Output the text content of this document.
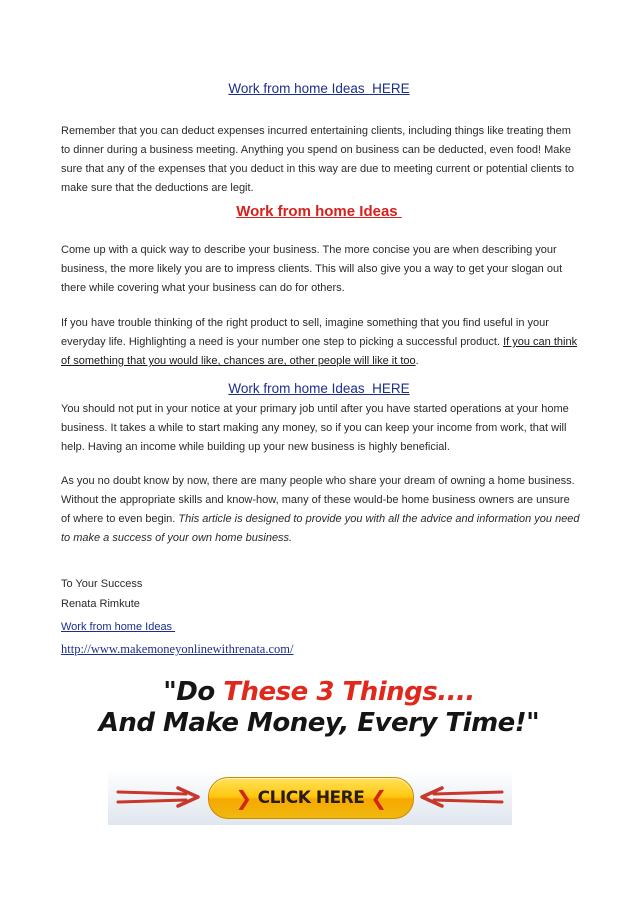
Work from home Ideas  HERE
Remember that you can deduct expenses incurred entertaining clients, including things like treating them to dinner during a business meeting. Anything you spend on business can be deducted, even food! Make sure that any of the expenses that you deduct in this way are due to meeting current or potential clients to make sure that the deductions are legit.
Work from home Ideas
Come up with a quick way to describe your business. The more concise you are when describing your business, the more likely you are to impress clients. This will also give you a way to get your slogan out there while covering what your business can do for others.
If you have trouble thinking of the right product to sell, imagine something that you find useful in your everyday life. Highlighting a need is your number one step to picking a successful product. If you can think of something that you would like, chances are, other people will like it too.
Work from home Ideas  HERE
You should not put in your notice at your primary job until after you have started operations at your home business. It takes a while to start making any money, so if you can keep your income from work, that will help. Having an income while building up your new business is highly beneficial.
As you no doubt know by now, there are many people who share your dream of owning a home business. Without the appropriate skills and know-how, many of these would-be home business owners are unsure of where to even begin. This article is designed to provide you with all the advice and information you need to make a success of your own home business.
To Your Success
Renata Rimkute
Work from home Ideas
http://www.makemoneyonlinewithrenata.com/
"Do These 3 Things....
And Make Money, Every Time!"
❯ CLICK HERE ❮
